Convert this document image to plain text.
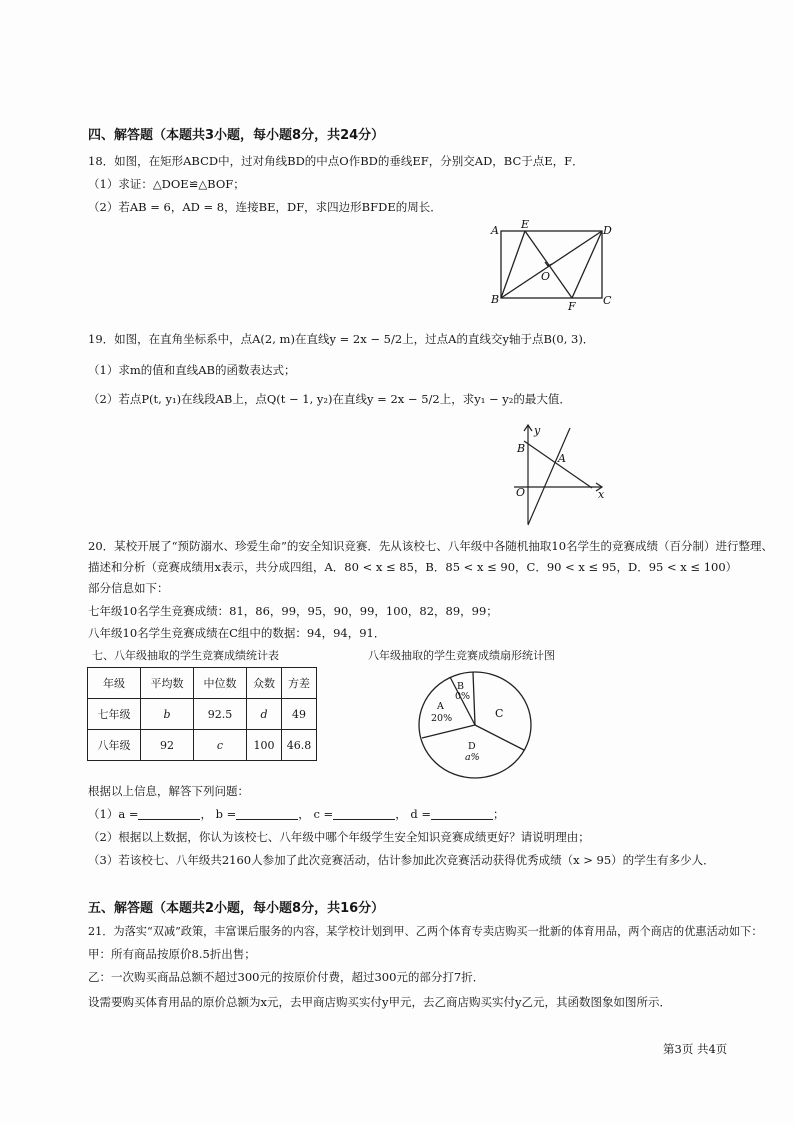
四、解答题（本题共3小题，每小题8分，共24分）
18．如图，在矩形ABCD中，过对角线BD的中点O作BD的垂线EF，分别交AD，BC于点E，F．
（1）求证：△DOE≌△BOF；
（2）若AB = 6，AD = 8，连接BE，DF，求四边形BFDE的周长．
A
B	C
D
E
F
O
19．如图，在直角坐标系中，点A(2, m)在直线y = 2x − 5/2上，过点A的直线交y轴于点B(0, 3)．
（1）求m的值和直线AB的函数表达式；
（2）若点P(t, y₁)在线段AB上，点Q(t − 1, y₂)在直线y = 2x − 5/2上，求y₁ − y₂的最大值．
y
x
B
A
O
20．某校开展了“预防溺水、珍爱生命”的安全知识竞赛．先从该校七、八年级中各随机抽取10名学生的竞赛成绩（百分制）进行整理、
描述和分析（竞赛成绩用x表示，共分成四组，A．80 < x ≤ 85，B．85 < x ≤ 90，C．90 < x ≤ 95，D．95 < x ≤ 100）
部分信息如下：
七年级10名学生竞赛成绩：81，86，99，95，90，99，100，82，89，99；
八年级10名学生竞赛成绩在C组中的数据：94，94，91．
七、八年级抽取的学生竞赛成绩统计表	八年级抽取的学生竞赛成绩扇形统计图
年级	平均数	中位数	众数	方差
七年级	b	92.5	d	49
八年级	92	c	100	46.8
B
0%
A
20%	C
D
a%
根据以上信息，解答下列问题：
（1）a =	， b =	， c =	， d =	；
（2）根据以上数据，你认为该校七、八年级中哪个年级学生安全知识竞赛成绩更好？请说明理由；
（3）若该校七、八年级共2160人参加了此次竞赛活动，估计参加此次竞赛活动获得优秀成绩（x > 95）的学生有多少人．
五、解答题（本题共2小题，每小题8分，共16分）
21．为落实“双减”政策，丰富课后服务的内容，某学校计划到甲、乙两个体育专卖店购买一批新的体育用品，两个商店的优惠活动如下：
甲：所有商品按原价8.5折出售；
乙：一次购买商品总额不超过300元的按原价付费，超过300元的部分打7折．
设需要购买体育用品的原价总额为x元，去甲商店购买实付y甲元，去乙商店购买实付y乙元，其函数图象如图所示．
第3页 共4页
